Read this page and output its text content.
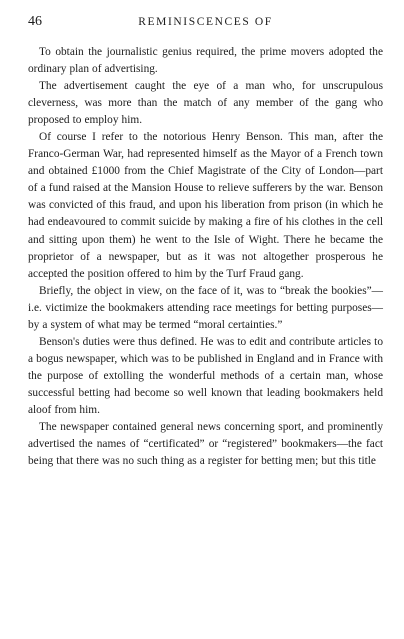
46	REMINISCENCES OF

To obtain the journalistic genius required, the prime movers adopted the ordinary plan of advertising.

The advertisement caught the eye of a man who, for unscrupulous cleverness, was more than the match of any member of the gang who proposed to employ him.

Of course I refer to the notorious Henry Benson. This man, after the Franco-German War, had represented himself as the Mayor of a French town and obtained £1000 from the Chief Magistrate of the City of London—part of a fund raised at the Mansion House to relieve sufferers by the war. Benson was convicted of this fraud, and upon his liberation from prison (in which he had endeavoured to commit suicide by making a fire of his clothes in the cell and sitting upon them) he went to the Isle of Wight. There he became the proprietor of a newspaper, but as it was not altogether prosperous he accepted the position offered to him by the Turf Fraud gang.

Briefly, the object in view, on the face of it, was to “break the bookies”—i.e. victimize the bookmakers attending race meetings for betting purposes—by a system of what may be termed “moral certainties.”

Benson's duties were thus defined. He was to edit and contribute articles to a bogus newspaper, which was to be published in England and in France with the purpose of extolling the wonderful methods of a certain man, whose successful betting had become so well known that leading bookmakers held aloof from him.

The newspaper contained general news concerning sport, and prominently advertised the names of “certificated” or “registered” bookmakers—the fact being that there was no such thing as a register for betting men; but this title
